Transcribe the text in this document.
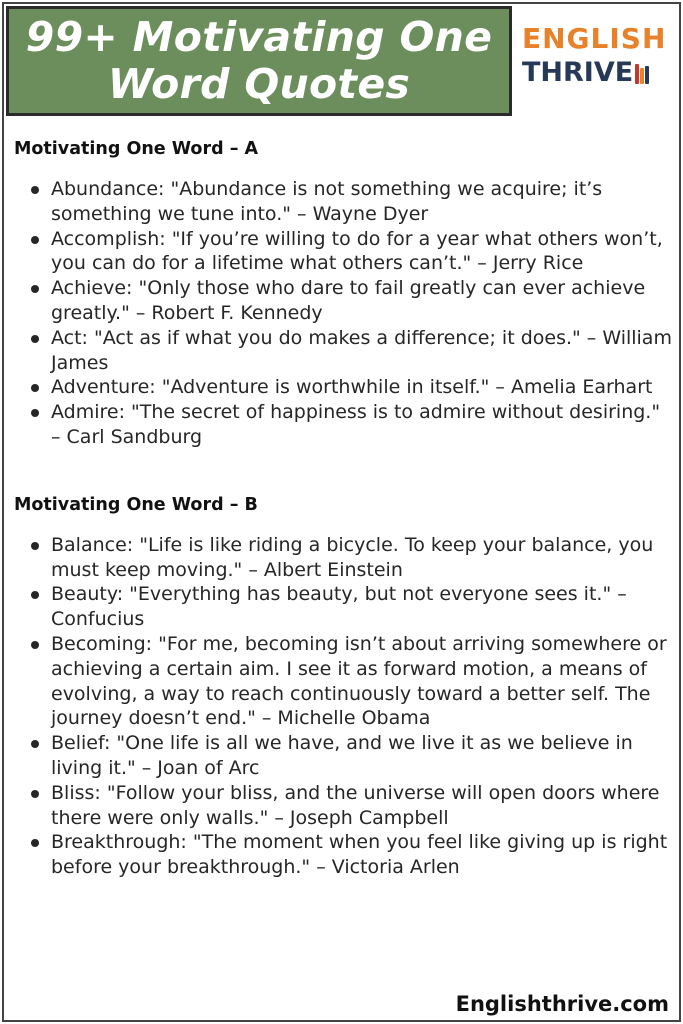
99+ Motivating One
Word Quotes
ENGLISH
THRIVE
Motivating One Word – A
Abundance: "Abundance is not something we acquire; it’s something we tune into." – Wayne Dyer
Accomplish: "If you’re willing to do for a year what others won’t, you can do for a lifetime what others can’t." – Jerry Rice
Achieve: "Only those who dare to fail greatly can ever achieve greatly." – Robert F. Kennedy
Act: "Act as if what you do makes a difference; it does." – William James
Adventure: "Adventure is worthwhile in itself." – Amelia Earhart
Admire: "The secret of happiness is to admire without desiring." – Carl Sandburg
Motivating One Word – B
Balance: "Life is like riding a bicycle. To keep your balance, you must keep moving." – Albert Einstein
Beauty: "Everything has beauty, but not everyone sees it." – Confucius
Becoming: "For me, becoming isn’t about arriving somewhere or achieving a certain aim. I see it as forward motion, a means of evolving, a way to reach continuously toward a better self. The journey doesn’t end." – Michelle Obama
Belief: "One life is all we have, and we live it as we believe in living it." – Joan of Arc
Bliss: "Follow your bliss, and the universe will open doors where there were only walls." – Joseph Campbell
Breakthrough: "The moment when you feel like giving up is right before your breakthrough." – Victoria Arlen
Englishthrive.com
